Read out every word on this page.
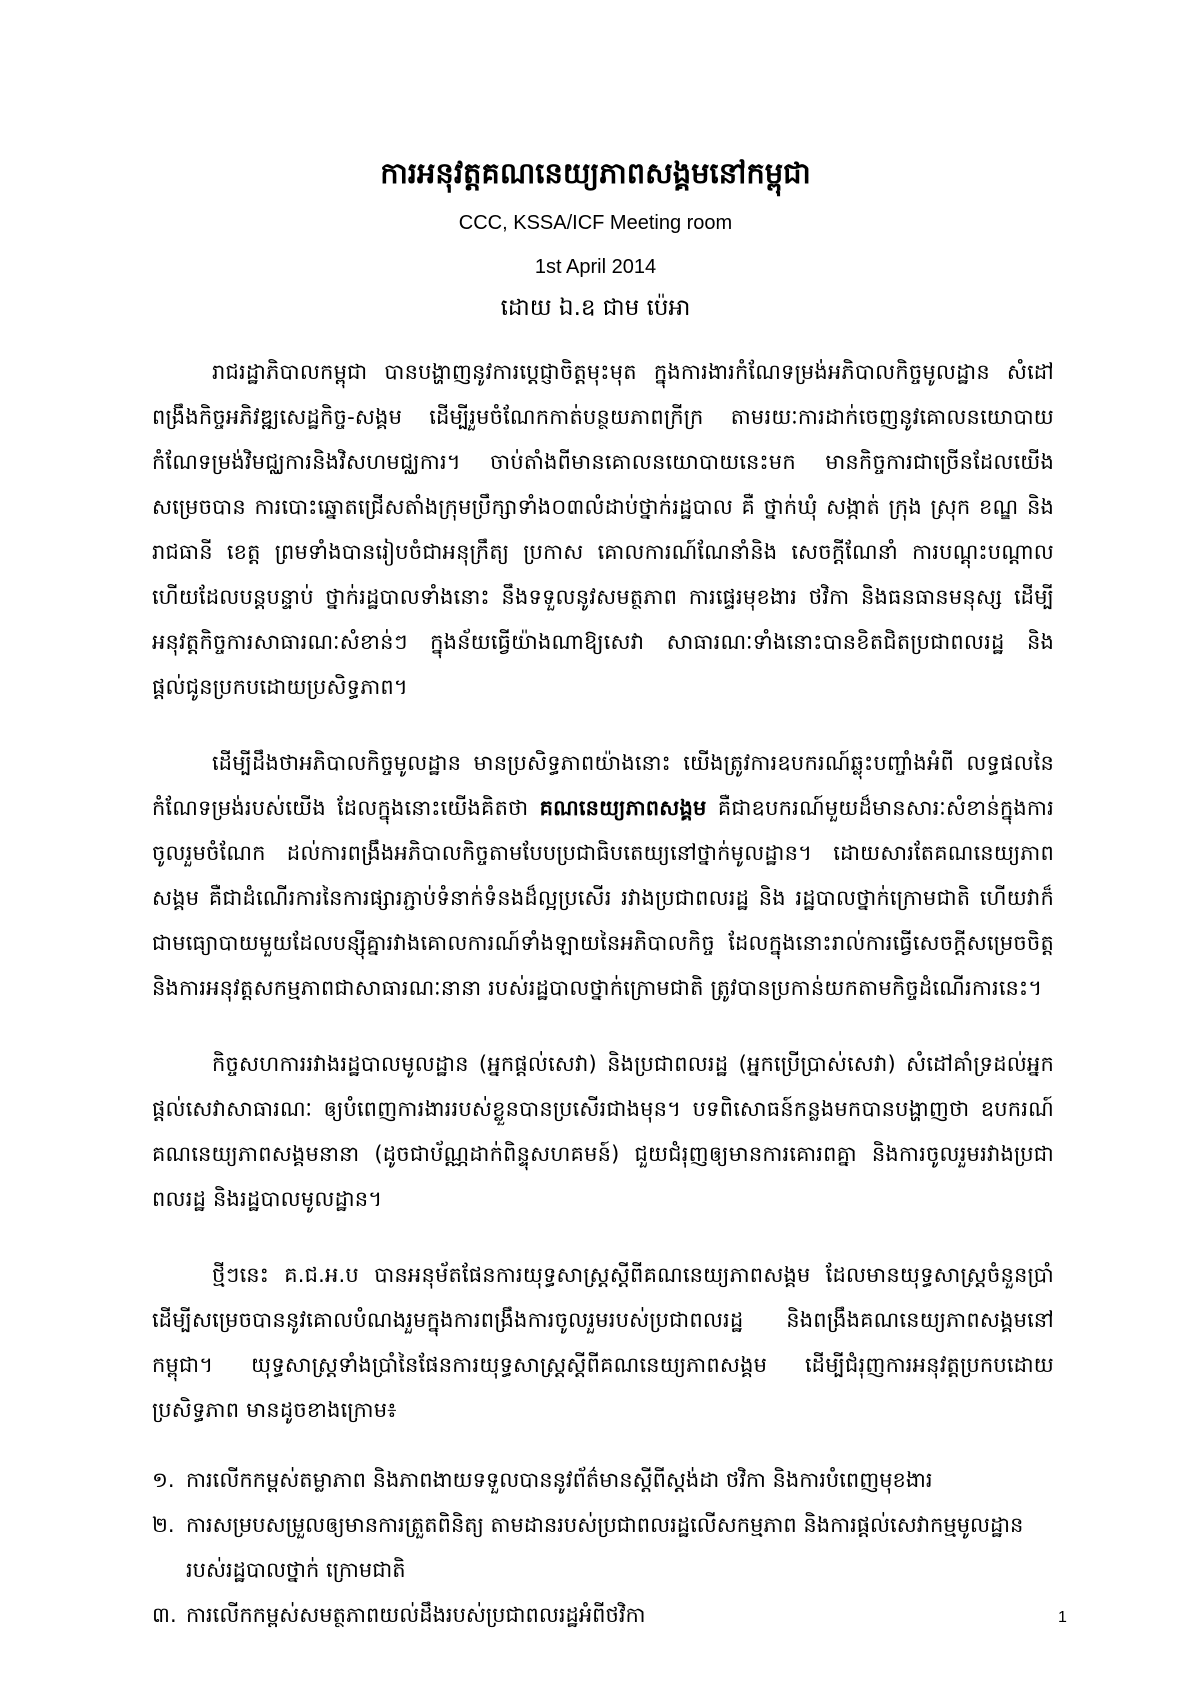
ការអនុវត្តគណនេយ្យភាពសង្គមនៅកម្ពុជា
CCC, KSSA/ICF Meeting room
1st April 2014
ដោយ ឯ.ឧ ជាម ប៉េអា

រាជរដ្ឋាភិបាលកម្ពុជា បានបង្ហាញនូវការប្តេជ្ញាចិត្តមុះមុត ក្នុងការងារកំណែទម្រង់អភិបាលកិច្ចមូលដ្ឋាន សំដៅពង្រឹងកិច្ចអភិវឌ្ឍសេដ្ឋកិច្ច-សង្គម ដើម្បីរួមចំណែកកាត់បន្ថយភាពក្រីក្រ តាមរយៈការដាក់ចេញនូវគោលនយោបាយកំណែទម្រង់វិមជ្ឈការនិងវិសហមជ្ឈការ។ ចាប់តាំងពីមានគោលនយោបាយនេះមក មានកិច្ចការជាច្រើនដែលយើងសម្រេចបាន ការបោះឆ្នោតជ្រើសតាំងក្រុមប្រឹក្សាទាំង០៣លំដាប់ថ្នាក់រដ្ឋបាល គឺ ថ្នាក់ឃុំ សង្កាត់ ក្រុង ស្រុក ខណ្ឌ និងរាជធានី ខេត្ត ព្រមទាំងបានរៀបចំជាអនុក្រឹត្យ ប្រកាស គោលការណ៍ណែនាំនិង សេចក្តីណែនាំ ការបណ្តុះបណ្តាល ហើយដែលបន្តបន្ទាប់ ថ្នាក់រដ្ឋបាលទាំងនោះ នឹងទទួលនូវសមត្ថភាព ការផ្ទេរមុខងារ ថវិកា និងធនធានមនុស្ស ដើម្បីអនុវត្តកិច្ចការសាធារណៈសំខាន់ៗ ក្នុងន័យធ្វើយ៉ាងណាឱ្យសេវា សាធារណៈទាំងនោះបានខិតជិតប្រជាពលរដ្ឋ និងផ្តល់ជូនប្រកបដោយប្រសិទ្ធភាព។

ដើម្បីដឹងថាអភិបាលកិច្ចមូលដ្ឋាន មានប្រសិទ្ធភាពយ៉ាងនោះ យើងត្រូវការឧបករណ៍ឆ្លុះបញ្ចាំងអំពី លទ្ធផលនៃកំណែទម្រង់របស់យើង ដែលក្នុងនោះយើងគិតថា គណនេយ្យភាពសង្គម គឺជាឧបករណ៍មួយដ៏មានសារៈសំខាន់ក្នុងការចូលរួមចំណែក ដល់ការពង្រឹងអភិបាលកិច្ចតាមបែបប្រជាធិបតេយ្យនៅថ្នាក់មូលដ្ឋាន។ ដោយសារតែគណនេយ្យភាពសង្គម គឺជាដំណើរការនៃការផ្សារភ្ជាប់ទំនាក់ទំនងដ៏ល្អប្រសើរ រវាងប្រជាពលរដ្ឋ និង រដ្ឋបាលថ្នាក់ក្រោមជាតិ ហើយវាក៏ជាមធ្យោបាយមួយដែលបន្សុីគ្នារវាងគោលការណ៍ទាំងឡាយនៃអភិបាលកិច្ច ដែលក្នុងនោះរាល់ការធ្វើសេចក្តីសម្រេចចិត្ត និងការអនុវត្តសកម្មភាពជាសាធារណៈនានា របស់រដ្ឋបាលថ្នាក់ក្រោមជាតិ ត្រូវបានប្រកាន់យកតាមកិច្ចដំណើរការនេះ។

កិច្ចសហការរវាងរដ្ឋបាលមូលដ្ឋាន (អ្នកផ្តល់សេវា) និងប្រជាពលរដ្ឋ (អ្នកប្រើប្រាស់សេវា) សំដៅគាំទ្រដល់អ្នកផ្តល់សេវាសាធារណៈ ឲ្យបំពេញការងាររបស់ខ្លួនបានប្រសើរជាងមុន។ បទពិសោធន៍កន្លងមកបានបង្ហាញថា ឧបករណ៍គណនេយ្យភាពសង្គមនានា (ដូចជាប័ណ្ណដាក់ពិន្ទុសហគមន៍) ជួយជំរុញឲ្យមានការគោរពគ្នា និងការចូលរួមរវាងប្រជាពលរដ្ឋ និងរដ្ឋបាលមូលដ្ឋាន។

ថ្មីៗនេះ គ.ជ.អ.ប បានអនុម័តផែនការយុទ្ធសាស្ត្រស្តីពីគណនេយ្យភាពសង្គម ដែលមានយុទ្ធសាស្ត្រចំនួនប្រាំ ដើម្បីសម្រេចបាននូវគោលបំណងរួមក្នុងការពង្រឹងការចូលរួមរបស់ប្រជាពលរដ្ឋ និងពង្រឹងគណនេយ្យភាពសង្គមនៅកម្ពុជា។ យុទ្ធសាស្ត្រទាំងប្រាំនៃផែនការយុទ្ធសាស្ត្រស្តីពីគណនេយ្យភាពសង្គម ដើម្បីជំរុញការអនុវត្តប្រកបដោយប្រសិទ្ធភាព មានដូចខាងក្រោម៖

១. ការលើកកម្ពស់តម្លាភាព និងភាពងាយទទួលបាននូវព័ត៌មានស្តីពីស្តង់ដា ថវិកា និងការបំពេញមុខងារ
២. ការសម្របសម្រួលឲ្យមានការត្រួតពិនិត្យ តាមដានរបស់ប្រជាពលរដ្ឋលើសកម្មភាព និងការផ្តល់សេវាកម្មមូលដ្ឋានរបស់រដ្ឋបាលថ្នាក់ ក្រោមជាតិ
៣. ការលើកកម្ពស់សមត្ថភាពយល់ដឹងរបស់ប្រជាពលរដ្ឋអំពីថវិកា	1
